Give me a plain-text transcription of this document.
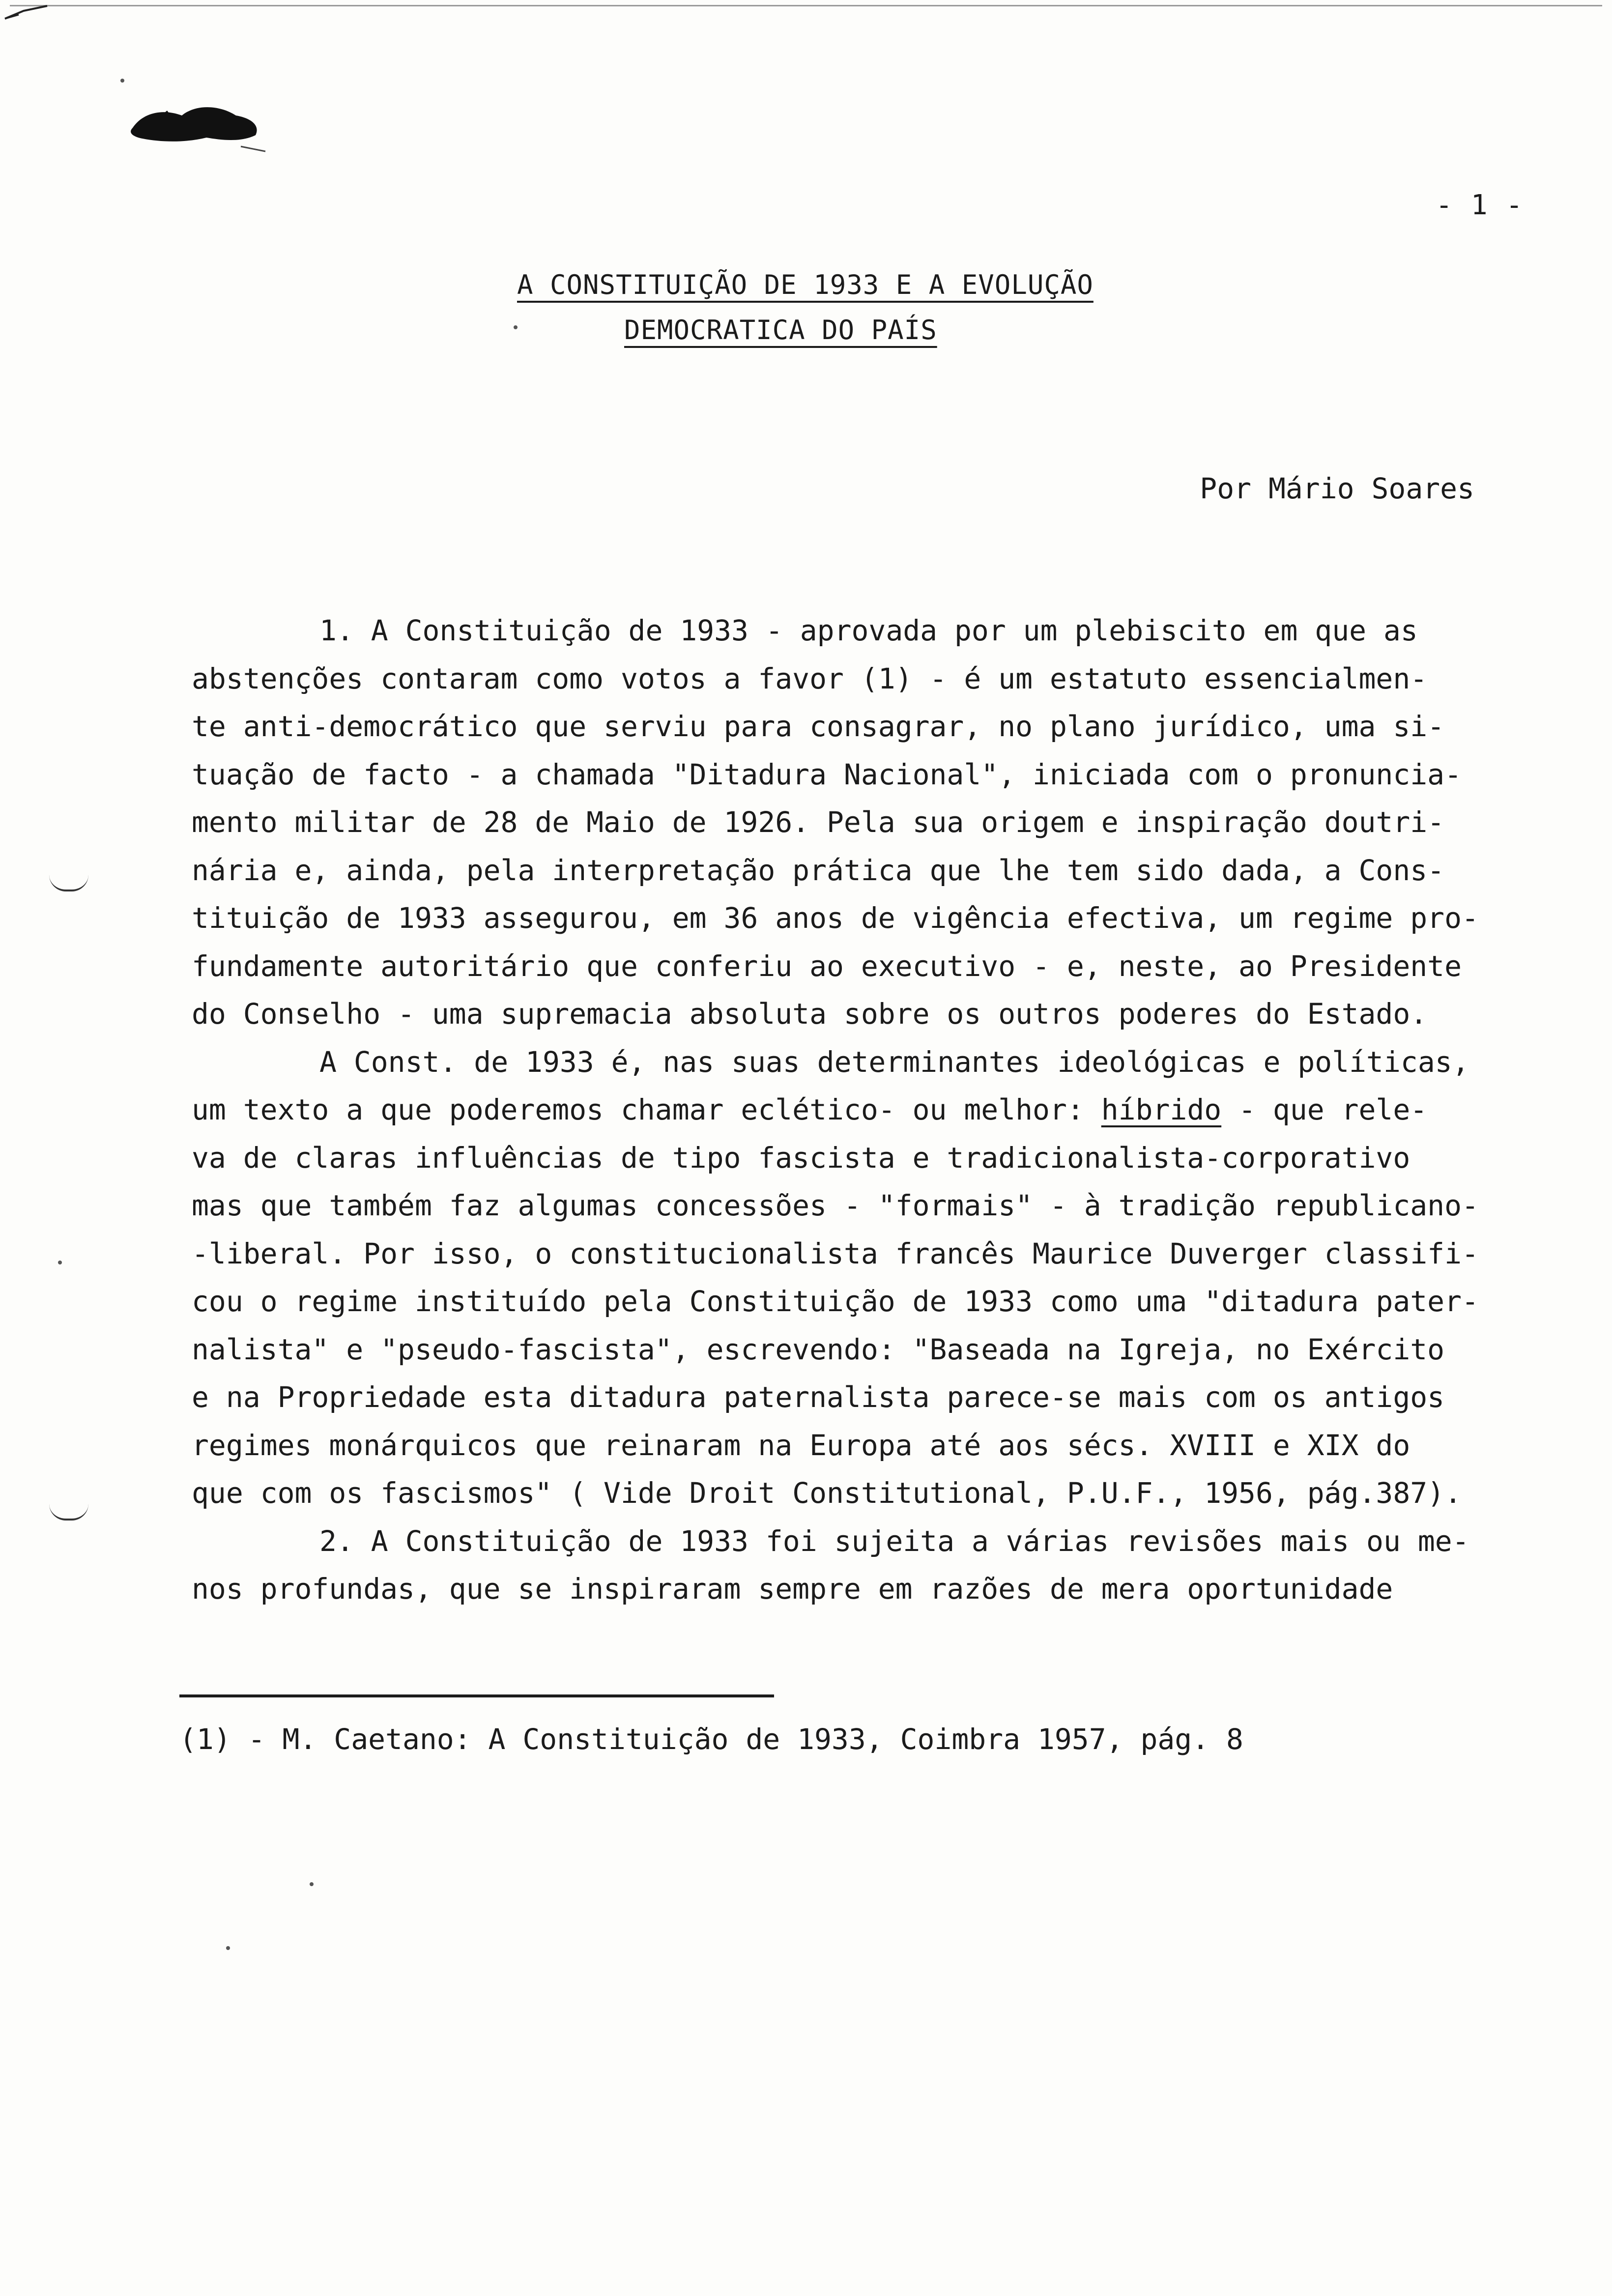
- 1 -
A CONSTITUIÇÃO DE 1933 E A EVOLUÇÃO
DEMOCRATICA DO PAÍS
Por Mário Soares
1. A Constituição de 1933 - aprovada por um plebiscito em que as
abstenções contaram como votos a favor (1) - é um estatuto essencialmen-
te anti-democrático que serviu para consagrar, no plano jurídico, uma si-
tuação de facto - a chamada "Ditadura Nacional", iniciada com o pronuncia-
mento militar de 28 de Maio de 1926. Pela sua origem e inspiração doutri-
nária e, ainda, pela interpretação prática que lhe tem sido dada, a Cons-
tituição de 1933 assegurou, em 36 anos de vigência efectiva, um regime pro-
fundamente autoritário que conferiu ao executivo - e, neste, ao Presidente
do Conselho - uma supremacia absoluta sobre os outros poderes do Estado.
A Const. de 1933 é, nas suas determinantes ideológicas e políticas,
um texto a que poderemos chamar eclético- ou melhor: híbrido - que rele-
va de claras influências de tipo fascista e tradicionalista-corporativo
mas que também faz algumas concessões - "formais" - à tradição republicano-
-liberal. Por isso, o constitucionalista francês Maurice Duverger classifi-
cou o regime instituído pela Constituição de 1933 como uma "ditadura pater-
nalista" e "pseudo-fascista", escrevendo: "Baseada na Igreja, no Exército
e na Propriedade esta ditadura paternalista parece-se mais com os antigos
regimes monárquicos que reinaram na Europa até aos sécs. XVIII e XIX do
que com os fascismos" ( Vide Droit Constitutional, P.U.F., 1956, pág.387).
2. A Constituição de 1933 foi sujeita a várias revisões mais ou me-
nos profundas, que se inspiraram sempre em razões de mera oportunidade
(1) - M. Caetano: A Constituição de 1933, Coimbra 1957, pág. 8
